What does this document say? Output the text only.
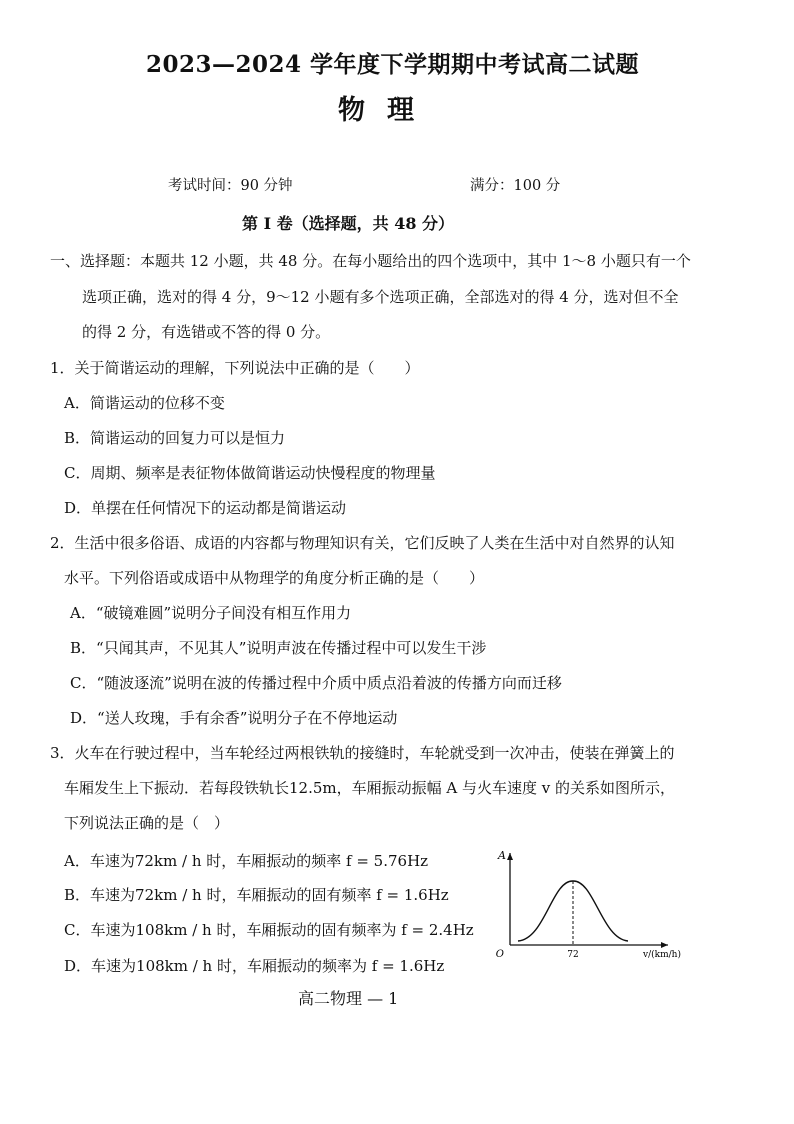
2023—2024 学年度下学期期中考试高二试题
物理
考试时间：90 分钟	满分：100 分
第 Ⅰ 卷（选择题，共 48 分）
一、选择题：本题共 12 小题，共 48 分。在每小题给出的四个选项中，其中 1～8 小题只有一个
选项正确，选对的得 4 分，9～12 小题有多个选项正确，全部选对的得 4 分，选对但不全
的得 2 分，有选错或不答的得 0 分。
1．关于简谐运动的理解，下列说法中正确的是（　　）
A．简谐运动的位移不变
B．简谐运动的回复力可以是恒力
C．周期、频率是表征物体做简谐运动快慢程度的物理量
D．单摆在任何情况下的运动都是简谐运动
2．生活中很多俗语、成语的内容都与物理知识有关，它们反映了人类在生活中对自然界的认知
水平。下列俗语或成语中从物理学的角度分析正确的是（　　）
A．“破镜难圆”说明分子间没有相互作用力
B．“只闻其声，不见其人”说明声波在传播过程中可以发生干涉
C．“随波逐流”说明在波的传播过程中介质中质点沿着波的传播方向而迁移
D．“送人玫瑰，手有余香”说明分子在不停地运动
3．火车在行驶过程中，当车轮经过两根铁轨的接缝时，车轮就受到一次冲击，使装在弹簧上的
车厢发生上下振动．若每段铁轨长12.5m，车厢振动振幅 A 与火车速度 v 的关系如图所示，
下列说法正确的是（　）
A．车速为72km / h 时，车厢振动的频率 f = 5.76Hz
B．车速为72km / h 时，车厢振动的固有频率 f = 1.6Hz
C．车速为108km / h 时，车厢振动的固有频率为 f = 2.4Hz
D．车速为108km / h 时，车厢振动的频率为 f = 1.6Hz
A
O	72	v/(km/h)
高二物理 — 1
